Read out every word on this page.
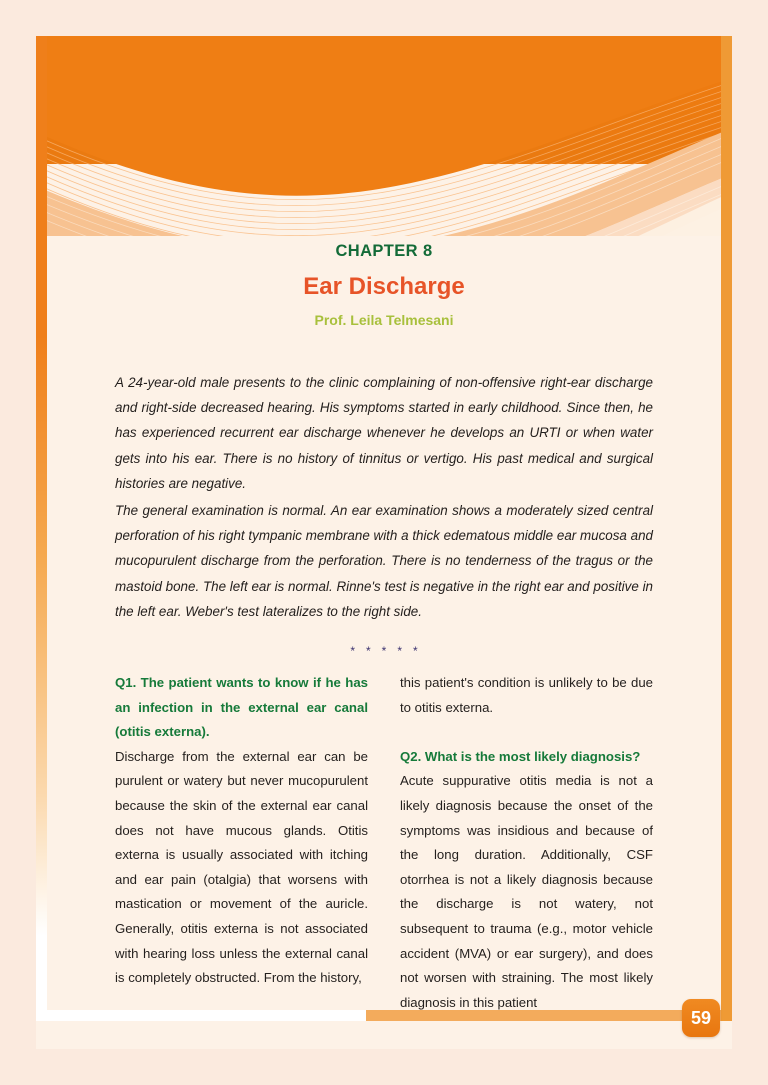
CHAPTER 8
Ear Discharge
Prof. Leila Telmesani

A 24-year-old male presents to the clinic complaining of non-offensive right-ear discharge and right-side decreased hearing. His symptoms started in early childhood. Since then, he has experienced recurrent ear discharge whenever he develops an URTI or when water gets into his ear. There is no history of tinnitus or vertigo. His past medical and surgical histories are negative.

The general examination is normal. An ear examination shows a moderately sized central perforation of his right tympanic membrane with a thick edematous middle ear mucosa and mucopurulent discharge from the perforation. There is no tenderness of the tragus or the mastoid bone. The left ear is normal. Rinne's test is negative in the right ear and positive in the left ear. Weber's test lateralizes to the right side.

*****

Q1. The patient wants to know if he has an infection in the external ear canal (otitis externa).

Discharge from the external ear can be purulent or watery but never mucopurulent because the skin of the external ear canal does not have mucous glands. Otitis externa is usually associated with itching and ear pain (otalgia) that worsens with mastication or movement of the auricle. Generally, otitis externa is not associated with hearing loss unless the external canal is completely obstructed. From the history,

this patient's condition is unlikely to be due to otitis externa.

Q2. What is the most likely diagnosis?

Acute suppurative otitis media is not a likely diagnosis because the onset of the symptoms was insidious and because of the long duration. Additionally, CSF otorrhea is not a likely diagnosis because the discharge is not watery, not subsequent to trauma (e.g., motor vehicle accident (MVA) or ear surgery), and does not worsen with straining. The most likely diagnosis in this patient

59
